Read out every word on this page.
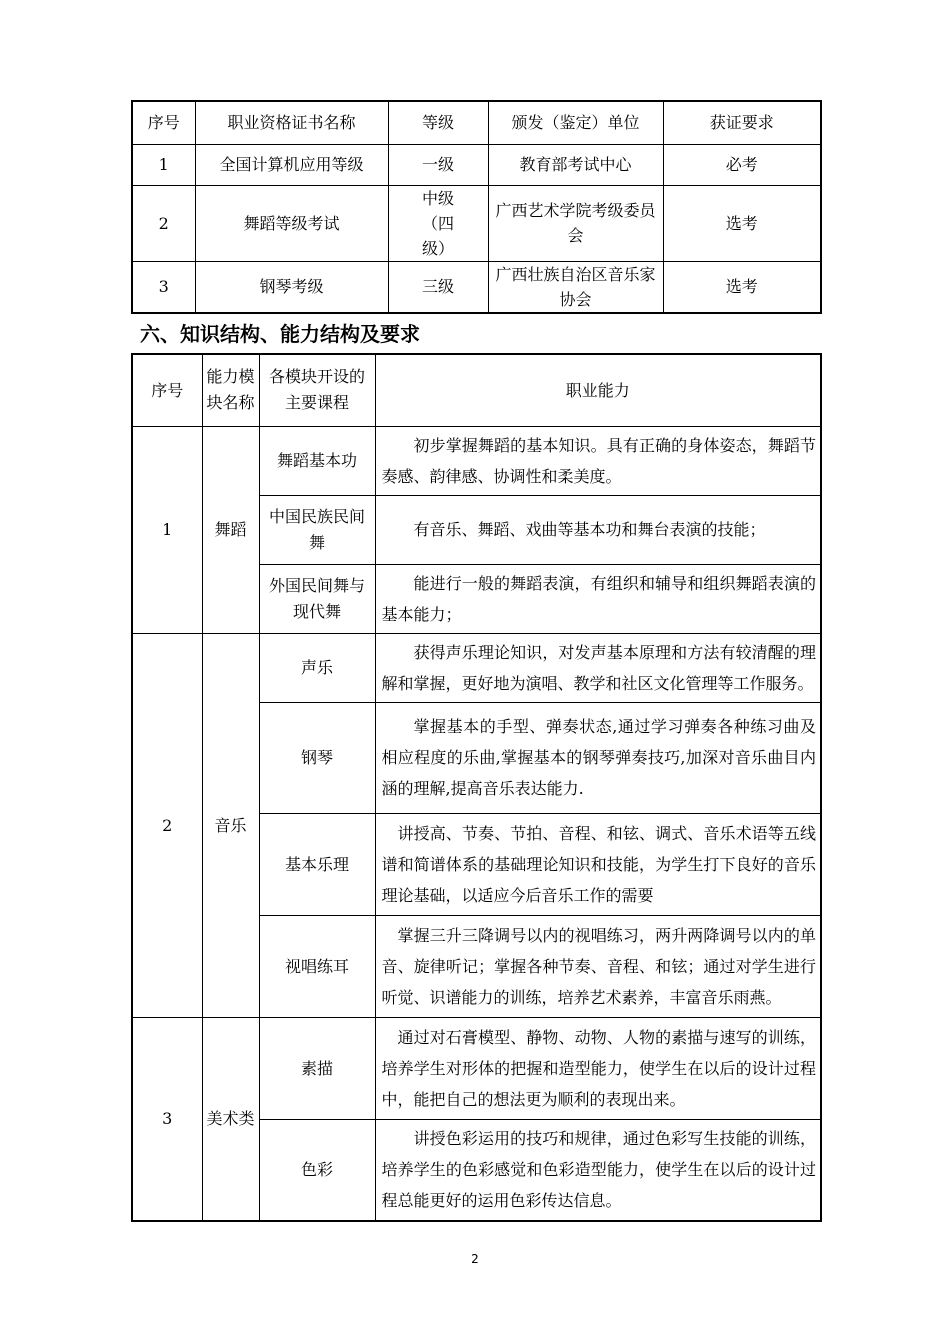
序号	职业资格证书名称	等级	颁发（鉴定）单位	获证要求
1	全国计算机应用等级	一级	教育部考试中心	必考
2	舞蹈等级考试	中级（四级）	广西艺术学院考级委员会	选考
3	钢琴考级	三级	广西壮族自治区音乐家协会	选考
六、知识结构、能力结构及要求
序号	能力模块名称	各模块开设的主要课程	职业能力
1	舞蹈	舞蹈基本功	初步掌握舞蹈的基本知识。具有正确的身体姿态，舞蹈节奏感、韵律感、协调性和柔美度。
		中国民族民间舞	有音乐、舞蹈、戏曲等基本功和舞台表演的技能；
		外国民间舞与现代舞	能进行一般的舞蹈表演，有组织和辅导和组织舞蹈表演的基本能力；
2	音乐	声乐	获得声乐理论知识，对发声基本原理和方法有较清醒的理解和掌握，更好地为演唱、教学和社区文化管理等工作服务。
		钢琴	掌握基本的手型、弹奏状态,通过学习弹奏各种练习曲及相应程度的乐曲,掌握基本的钢琴弹奏技巧,加深对音乐曲目内涵的理解,提高音乐表达能力.
		基本乐理	讲授高、节奏、节拍、音程、和铉、调式、音乐术语等五线谱和简谱体系的基础理论知识和技能，为学生打下良好的音乐理论基础，以适应今后音乐工作的需要
		视唱练耳	掌握三升三降调号以内的视唱练习，两升两降调号以内的单音、旋律听记；掌握各种节奏、音程、和铉；通过对学生进行听觉、识谱能力的训练，培养艺术素养，丰富音乐雨燕。
3	美术类	素描	通过对石膏模型、静物、动物、人物的素描与速写的训练，培养学生对形体的把握和造型能力，使学生在以后的设计过程中，能把自己的想法更为顺利的表现出来。
		色彩	讲授色彩运用的技巧和规律，通过色彩写生技能的训练，培养学生的色彩感觉和色彩造型能力，使学生在以后的设计过程总能更好的运用色彩传达信息。
2
